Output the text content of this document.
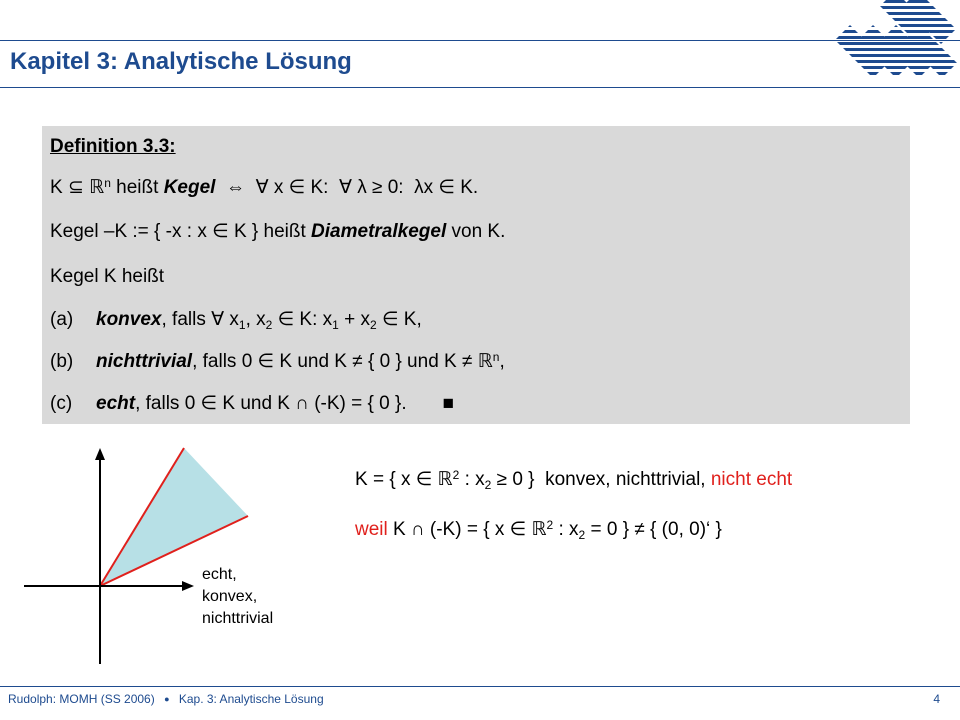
Kapitel 3: Analytische Lösung
Definition 3.3:
K ⊆ ℝ$^n$ heißt Kegel  ⇔  ∀ x ∈ K:  ∀ λ ≥ 0:  λx ∈ K.
Kegel –K := { -x : x ∈ K } heißt Diametralkegel von K.
Kegel K heißt
(a) konvex, falls ∀ $x_1$, $x_2$ ∈ K: $x_1 + x_2$ ∈ K,
(b) nichttrivial, falls 0 ∈ K und K ≠ { 0 } und K ≠ ℝ$^n$,
(c) echt, falls 0 ∈ K und K ∩ (-K) = { 0 }. ■
echt,
konvex,
nichttrivial
K = { x ∈ ℝ$^2$ : $x_2 \ge 0$ }  konvex, nichttrivial, nicht echt
weil K ∩ (-K) = { x ∈ ℝ$^2$ : $x_2 = 0$ } ≠ { (0, 0)‘ }
Rudolph: MOMH (SS 2006) ● Kap. 3: Analytische Lösung	4
